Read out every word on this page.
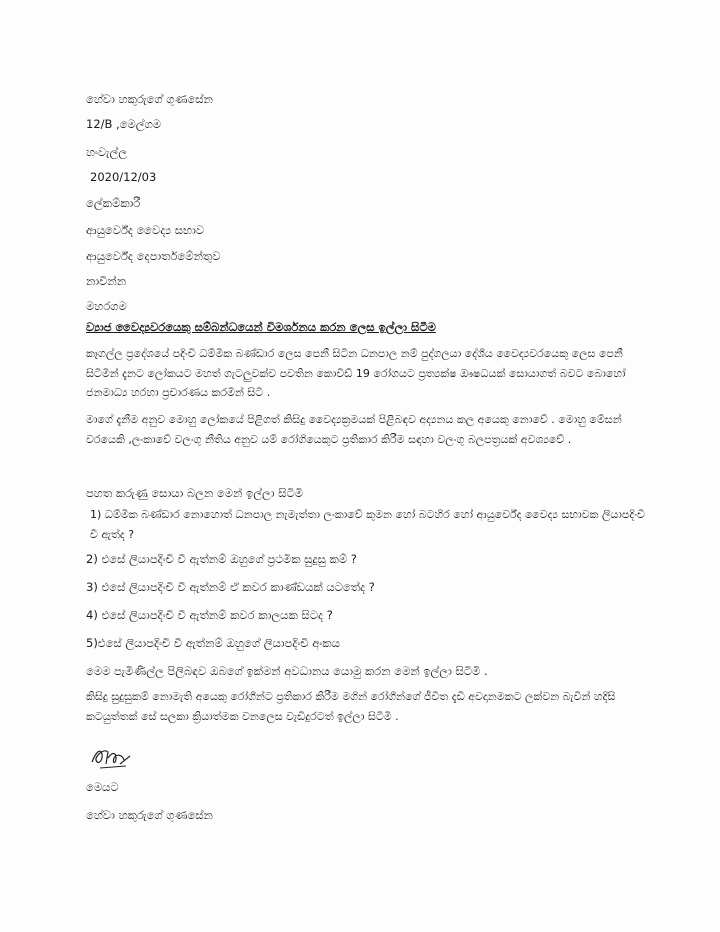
හේවා හකුරුගේ ගුණසේන
12/B ,මෙල්ගම
හංවැල්ල
2020/12/03
ලේකම්කාරී
ආයුර්වේද වෛද්‍ය සභාව
ආයුර්වේද දෙපාර්තමේන්තුව
නාවින්න
මහරගම
ව්‍යාජ වෛද්‍යවරයෙකු සම්බන්ධයෙන් විමර්ශනය කරන ලෙස ඉල්ලා සිටීම
කෑගල්ල ප්‍රදේශයේ පදිංචි ධම්මික බණ්ඩාර ලෙස පෙනී සිටින ධනපාල නම් පුද්ගලයා දේශීය වෛද්‍යවරයෙකු ලෙස පෙනී සිටිමින් දැනට ලෝකයට මහත් ගැටලුවක්ව පවතින කොවිඩ් 19 රෝගයට ප්‍රත්‍යක්ෂ ඖෂධයක් සොයාගත් බවට බොහෝ ජනමාධ්‍ය හරහා ප්‍රචාරණය කරමින් සිටී .
මාගේ දැනීම අනුව මොහු ලෝකයේ පිළිගත් කිසිදු වෛද්‍යක්‍රමයක් පිළිබඳව අද්‍යනය කල අයෙකු නොවේ . මොහු මේසන් වරයෙකි ,ලංකාවේ වලංගු නීතිය අනුව යම් රෝගියෙකුට ප්‍රතිකාර කිරීම සඳහා වලංගු බලපත්‍රයක් අවශ්‍යවේ .
පහත කරුණු සොයා බලන මෙන් ඉල්ලා සිටිමි
1) ධම්මික බණ්ඩාර නොහොත් ධනපාල නැමැත්තා ලංකාවේ කුමන හෝ බටහිර හෝ ආයුර්වේද වෛද්‍ය සභාවක ලියාපදිංචි වී ඇත්ද ?
2) එසේ ලියාපදිංචි වී ඇත්නම් ඔහුගේ ප්‍රථමික සුදුසු කම් ?
3) එසේ ලියාපදිංචි වී ඇත්නම් ඒ කවර කාණ්ඩයක් යටතේද ?
4) එසේ ලියාපදිංචි වී ඇත්නම් කවර කාලයක සිටද ?
5)එසේ ලියාපදිංචි වී ඇත්නම් ඔහුගේ ලියාපදිංචි අංකය
මෙම පැමිණිල්ල පිලිබඳව ඔබගේ ඉක්මන් අවධානය යොමු කරන මෙන් ඉල්ලා සිටිමි .
කිසිදු සුදුසුකම් නොමැති අයෙකු රෝගීන්ට ප්‍රතිකාර කිරීම මගින් රෝගීන්ගේ ජීවිත දැඩි අවදානමකට ලක්වන බැවින් හදිසි කටයුත්තක් සේ සලකා ක්‍රියාත්මක වනලෙස වැඩිදුරටත් ඉල්ලා සිටිමි .
මෙයට
හේවා හකුරුගේ ගුණසේන
